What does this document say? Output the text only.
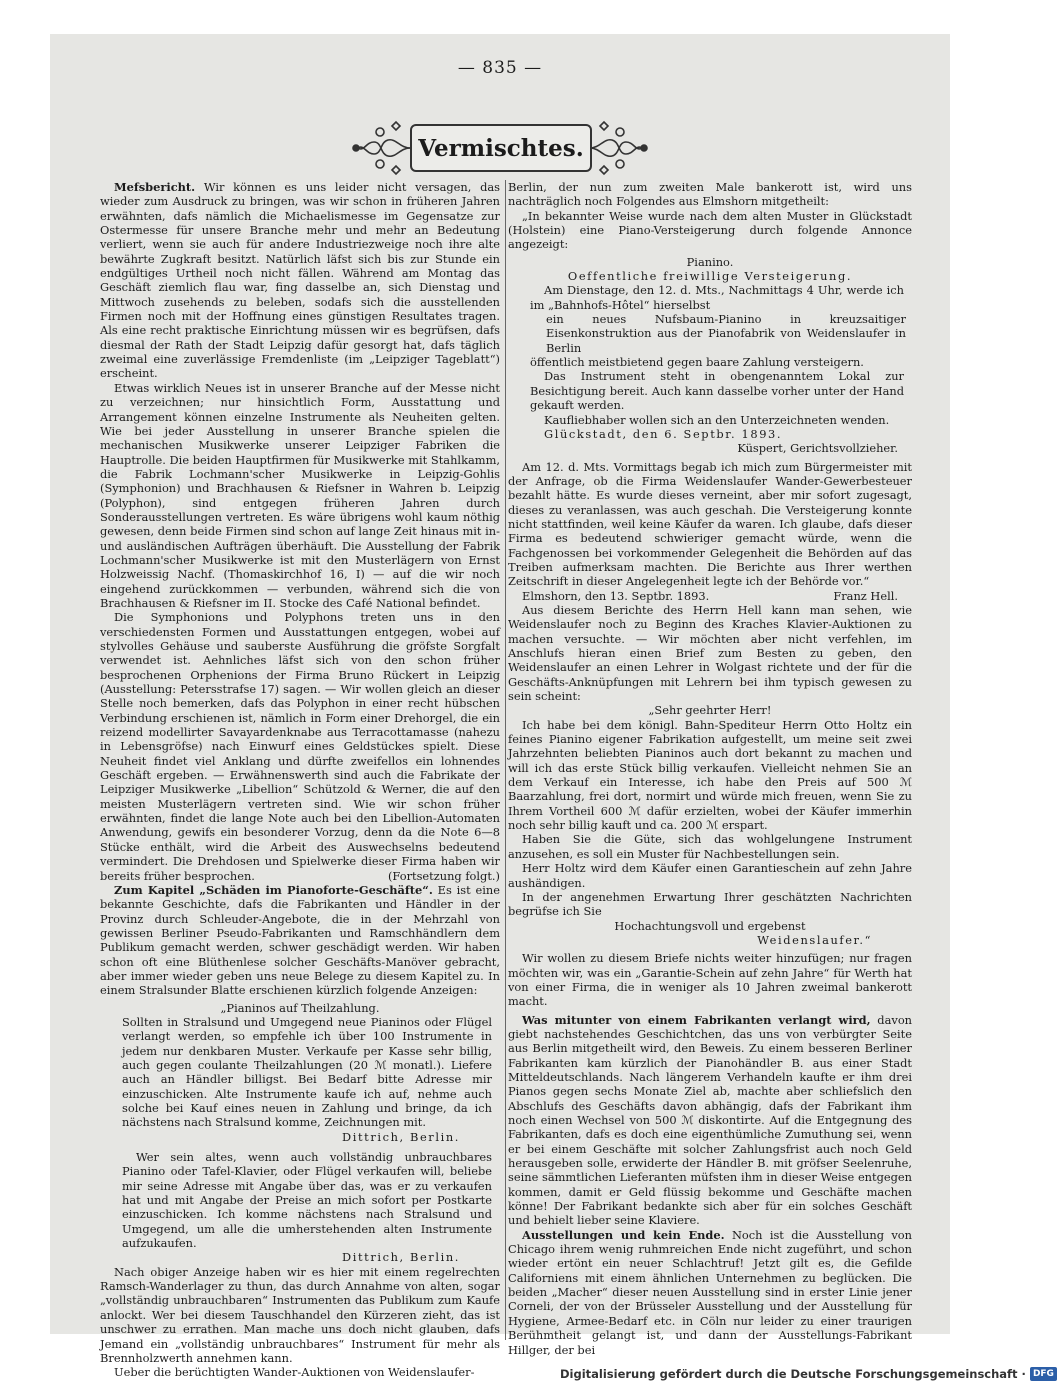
— 835 —
Vermischtes.

Mefsbericht. Wir können es uns leider nicht versagen, das wieder zum Ausdruck zu bringen, was wir schon in früheren Jahren erwähnten, dafs nämlich die Michaelismesse im Gegensatze zur Ostermesse für unsere Branche mehr und mehr an Bedeutung verliert, wenn sie auch für andere Industriezweige noch ihre alte bewährte Zugkraft besitzt. Natürlich läfst sich bis zur Stunde ein endgültiges Urtheil noch nicht fällen. Während am Montag das Geschäft ziemlich flau war, fing dasselbe an, sich Dienstag und Mittwoch zusehends zu beleben, sodafs sich die ausstellenden Firmen noch mit der Hoffnung eines günstigen Resultates tragen. Als eine recht praktische Einrichtung müssen wir es begrüfsen, dafs diesmal der Rath der Stadt Leipzig dafür gesorgt hat, dafs täglich zweimal eine zuverlässige Fremdenliste (im „Leipziger Tageblatt“) erscheint.

Etwas wirklich Neues ist in unserer Branche auf der Messe nicht zu verzeichnen; nur hinsichtlich Form, Ausstattung und Arrangement können einzelne Instrumente als Neuheiten gelten. Wie bei jeder Ausstellung in unserer Branche spielen die mechanischen Musikwerke unserer Leipziger Fabriken die Hauptrolle. Die beiden Hauptfirmen für Musikwerke mit Stahlkamm, die Fabrik Lochmann'scher Musikwerke in Leipzig-Gohlis (Symphonion) und Brachhausen & Riefsner in Wahren b. Leipzig (Polyphon), sind entgegen früheren Jahren durch Sonderausstellungen vertreten. Es wäre übrigens wohl kaum nöthig gewesen, denn beide Firmen sind schon auf lange Zeit hinaus mit in- und ausländischen Aufträgen überhäuft. Die Ausstellung der Fabrik Lochmann'scher Musikwerke ist mit den Musterlägern von Ernst Holzweissig Nachf. (Thomaskirchhof 16, I) — auf die wir noch eingehend zurückkommen — verbunden, während sich die von Brachhausen & Riefsner im II. Stocke des Café National befindet.

Die Symphonions und Polyphons treten uns in den verschiedensten Formen und Ausstattungen entgegen, wobei auf stylvolles Gehäuse und sauberste Ausführung die gröfste Sorgfalt verwendet ist. Aehnliches läfst sich von den schon früher besprochenen Orphenions der Firma Bruno Rückert in Leipzig (Ausstellung: Petersstrafse 17) sagen. — Wir wollen gleich an dieser Stelle noch bemerken, dafs das Polyphon in einer recht hübschen Verbindung erschienen ist, nämlich in Form einer Drehorgel, die ein reizend modellirter Savayardenknabe aus Terracottamasse (nahezu in Lebensgröfse) nach Einwurf eines Geldstückes spielt. Diese Neuheit findet viel Anklang und dürfte zweifellos ein lohnendes Geschäft ergeben. — Erwähnenswerth sind auch die Fabrikate der Leipziger Musikwerke „Libellion“ Schützold & Werner, die auf den meisten Musterlägern vertreten sind. Wie wir schon früher erwähnten, findet die lange Note auch bei den Libellion-Automaten Anwendung, gewifs ein besonderer Vorzug, denn da die Note 6—8 Stücke enthält, wird die Arbeit des Auswechselns bedeutend vermindert. Die Drehdosen und Spielwerke dieser Firma haben wir bereits früher besprochen.	(Fortsetzung folgt.)

Zum Kapitel „Schäden im Pianoforte-Geschäfte“. Es ist eine bekannte Geschichte, dafs die Fabrikanten und Händler in der Provinz durch Schleuder-Angebote, die in der Mehrzahl von gewissen Berliner Pseudo-Fabrikanten und Ramschhändlern dem Publikum gemacht werden, schwer geschädigt werden. Wir haben schon oft eine Blüthenlese solcher Geschäfts-Manöver gebracht, aber immer wieder geben uns neue Belege zu diesem Kapitel zu. In einem Stralsunder Blatte erschienen kürzlich folgende Anzeigen:

„Pianinos auf Theilzahlung.

Sollten in Stralsund und Umgegend neue Pianinos oder Flügel verlangt werden, so empfehle ich über 100 Instrumente in jedem nur denkbaren Muster. Verkaufe per Kasse sehr billig, auch gegen coulante Theilzahlungen (20 ℳ monatl.). Liefere auch an Händler billigst. Bei Bedarf bitte Adresse mir einzuschicken. Alte Instrumente kaufe ich auf, nehme auch solche bei Kauf eines neuen in Zahlung und bringe, da ich nächstens nach Stralsund komme, Zeichnungen mit.

Dittrich, Berlin.

Wer sein altes, wenn auch vollständig unbrauchbares Pianino oder Tafel-Klavier, oder Flügel verkaufen will, beliebe mir seine Adresse mit Angabe über das, was er zu verkaufen hat und mit Angabe der Preise an mich sofort per Postkarte einzuschicken. Ich komme nächstens nach Stralsund und Umgegend, um alle die umherstehenden alten Instrumente aufzukaufen.

Dittrich, Berlin.

Nach obiger Anzeige haben wir es hier mit einem regelrechten Ramsch-Wanderlager zu thun, das durch Annahme von alten, sogar „vollständig unbrauchbaren“ Instrumenten das Publikum zum Kaufe anlockt. Wer bei diesem Tauschhandel den Kürzeren zieht, das ist unschwer zu errathen. Man mache uns doch nicht glauben, dafs Jemand ein „vollständig unbrauchbares“ Instrument für mehr als Brennholzwerth annehmen kann.

Ueber die berüchtigten Wander-Auktionen von Weidenslaufer-

Berlin, der nun zum zweiten Male bankerott ist, wird uns nachträglich noch Folgendes aus Elmshorn mitgetheilt:

„In bekannter Weise wurde nach dem alten Muster in Glückstadt (Holstein) eine Piano-Versteigerung durch folgende Annonce angezeigt:

Pianino.

Oeffentliche freiwillige Versteigerung.

Am Dienstage, den 12. d. Mts., Nachmittags 4 Uhr, werde ich im „Bahnhofs-Hôtel“ hierselbst

ein neues Nufsbaum-Pianino in kreuzsaitiger Eisenkonstruktion aus der Pianofabrik von Weidenslaufer in Berlin

öffentlich meistbietend gegen baare Zahlung versteigern.

Das Instrument steht in obengenanntem Lokal zur Besichtigung bereit. Auch kann dasselbe vorher unter der Hand gekauft werden.

Kaufliebhaber wollen sich an den Unterzeichneten wenden.

Glückstadt, den 6. Septbr. 1893.

Küspert, Gerichtsvollzieher.

Am 12. d. Mts. Vormittags begab ich mich zum Bürgermeister mit der Anfrage, ob die Firma Weidenslaufer Wander-Gewerbesteuer bezahlt hätte. Es wurde dieses verneint, aber mir sofort zugesagt, dieses zu veranlassen, was auch geschah. Die Versteigerung konnte nicht stattfinden, weil keine Käufer da waren. Ich glaube, dafs dieser Firma es bedeutend schwieriger gemacht würde, wenn die Fachgenossen bei vorkommender Gelegenheit die Behörden auf das Treiben aufmerksam machten. Die Berichte aus Ihrer werthen Zeitschrift in dieser Angelegenheit legte ich der Behörde vor.“

Elmshorn, den 13. Septbr. 1893.	Franz Hell.

Aus diesem Berichte des Herrn Hell kann man sehen, wie Weidenslaufer noch zu Beginn des Kraches Klavier-Auktionen zu machen versuchte. — Wir möchten aber nicht verfehlen, im Anschlufs hieran einen Brief zum Besten zu geben, den Weidenslaufer an einen Lehrer in Wolgast richtete und der für die Geschäfts-Anknüpfungen mit Lehrern bei ihm typisch gewesen zu sein scheint:

„Sehr geehrter Herr!

Ich habe bei dem königl. Bahn-Spediteur Herrn Otto Holtz ein feines Pianino eigener Fabrikation aufgestellt, um meine seit zwei Jahrzehnten beliebten Pianinos auch dort bekannt zu machen und will ich das erste Stück billig verkaufen. Vielleicht nehmen Sie an dem Verkauf ein Interesse, ich habe den Preis auf 500 ℳ Baarzahlung, frei dort, normirt und würde mich freuen, wenn Sie zu Ihrem Vortheil 600 ℳ dafür erzielten, wobei der Käufer immerhin noch sehr billig kauft und ca. 200 ℳ erspart.

Haben Sie die Güte, sich das wohlgelungene Instrument anzusehen, es soll ein Muster für Nachbestellungen sein.

Herr Holtz wird dem Käufer einen Garantieschein auf zehn Jahre aushändigen.

In der angenehmen Erwartung Ihrer geschätzten Nachrichten begrüfse ich Sie

Hochachtungsvoll und ergebenst

Weidenslaufer.“

Wir wollen zu diesem Briefe nichts weiter hinzufügen; nur fragen möchten wir, was ein „Garantie-Schein auf zehn Jahre“ für Werth hat von einer Firma, die in weniger als 10 Jahren zweimal bankerott macht.

Was mitunter von einem Fabrikanten verlangt wird, davon giebt nachstehendes Geschichtchen, das uns von verbürgter Seite aus Berlin mitgetheilt wird, den Beweis. Zu einem besseren Berliner Fabrikanten kam kürzlich der Pianohändler B. aus einer Stadt Mitteldeutschlands. Nach längerem Verhandeln kaufte er ihm drei Pianos gegen sechs Monate Ziel ab, machte aber schliefslich den Abschlufs des Geschäfts davon abhängig, dafs der Fabrikant ihm noch einen Wechsel von 500 ℳ diskontirte. Auf die Entgegnung des Fabrikanten, dafs es doch eine eigenthümliche Zumuthung sei, wenn er bei einem Geschäfte mit solcher Zahlungsfrist auch noch Geld herausgeben solle, erwiderte der Händler B. mit gröfser Seelenruhe, seine sämmtlichen Lieferanten müfsten ihm in dieser Weise entgegen kommen, damit er Geld flüssig bekomme und Geschäfte machen könne! Der Fabrikant bedankte sich aber für ein solches Geschäft und behielt lieber seine Klaviere.

Ausstellungen und kein Ende. Noch ist die Ausstellung von Chicago ihrem wenig ruhmreichen Ende nicht zugeführt, und schon wieder ertönt ein neuer Schlachtruf! Jetzt gilt es, die Gefilde Californiens mit einem ähnlichen Unternehmen zu beglücken. Die beiden „Macher“ dieser neuen Ausstellung sind in erster Linie jener Corneli, der von der Brüsseler Ausstellung und der Ausstellung für Hygiene, Armee-Bedarf etc. in Cöln nur leider zu einer traurigen Berühmtheit gelangt ist, und dann der Ausstellungs-Fabrikant Hillger, der bei

Digitalisierung gefördert durch die Deutsche Forschungsgemeinschaft · DFG
